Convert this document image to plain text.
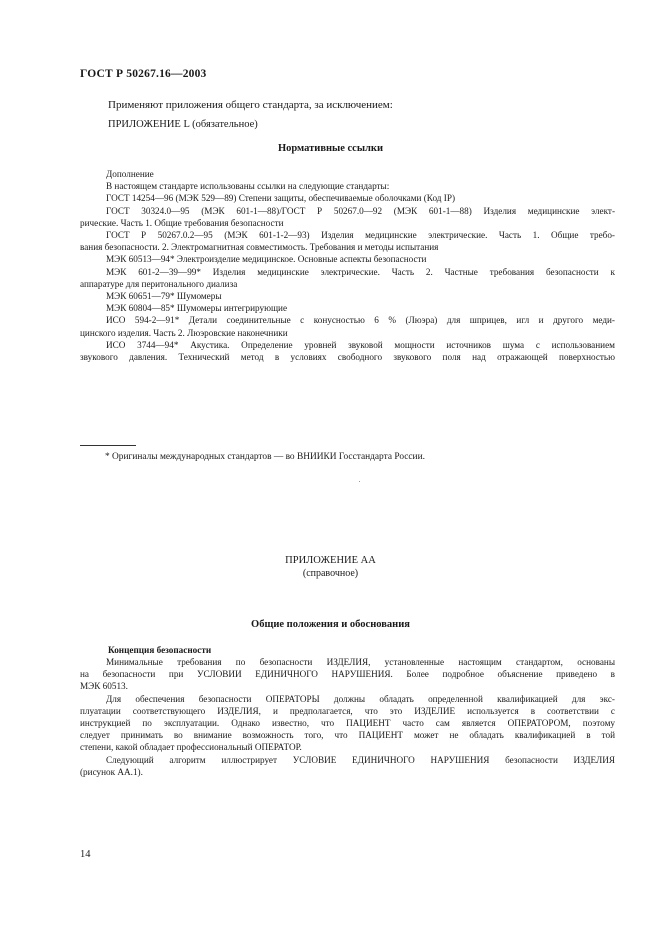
ГОСТ Р 50267.16—2003
Применяют приложения общего стандарта, за исключением:
ПРИЛОЖЕНИЕ L (обязательное)
Нормативные ссылки
Дополнение
В настоящем стандарте использованы ссылки на следующие стандарты:
ГОСТ 14254—96 (МЭК 529—89) Степени защиты, обеспечиваемые оболочками (Код IP)
ГОСТ 30324.0—95 (МЭК 601-1—88)/ГОСТ Р 50267.0—92 (МЭК 601-1—88) Изделия медицинские элект-
рические. Часть 1. Общие требования безопасности
ГОСТ Р 50267.0.2—95 (МЭК 601-1-2—93) Изделия медицинские электрические. Часть 1. Общие требо-
вания безопасности. 2. Электромагнитная совместимость. Требования и методы испытания
МЭК 60513—94* Электроизделие медицинское. Основные аспекты безопасности
МЭК 601-2—39—99* Изделия медицинские электрические. Часть 2. Частные требования безопасности к
аппаратуре для перитонального диализа
МЭК 60651—79* Шумомеры
МЭК 60804—85* Шумомеры интегрирующие
ИСО 594-2—91* Детали соединительные с конусностью 6 % (Люэра) для шприцев, игл и другого меди-
цинского изделия. Часть 2. Люэровские наконечники
ИСО 3744—94* Акустика. Определение уровней звуковой мощности источников шума с использованием
звукового давления. Технический метод в условиях свободного звукового поля над отражающей поверхностью
* Оригиналы международных стандартов — во ВНИИКИ Госстандарта России.
ПРИЛОЖЕНИЕ АА
(справочное)
Общие положения и обоснования
Концепция безопасности
Минимальные требования по безопасности ИЗДЕЛИЯ, установленные настоящим стандартом, основаны
на безопасности при УСЛОВИИ ЕДИНИЧНОГО НАРУШЕНИЯ. Более подробное объяснение приведено в
МЭК 60513.
Для обеспечения безопасности ОПЕРАТОРЫ должны обладать определенной квалификацией для экс-
плуатации соответствующего ИЗДЕЛИЯ, и предполагается, что это ИЗДЕЛИЕ используется в соответствии с
инструкцией по эксплуатации. Однако известно, что ПАЦИЕНТ часто сам является ОПЕРАТОРОМ, поэтому
следует принимать во внимание возможность того, что ПАЦИЕНТ может не обладать квалификацией в той
степени, какой обладает профессиональный ОПЕРАТОР.
Следующий алгоритм иллюстрирует УСЛОВИЕ ЕДИНИЧНОГО НАРУШЕНИЯ безопасности ИЗДЕЛИЯ
(рисунок АА.1).
14
